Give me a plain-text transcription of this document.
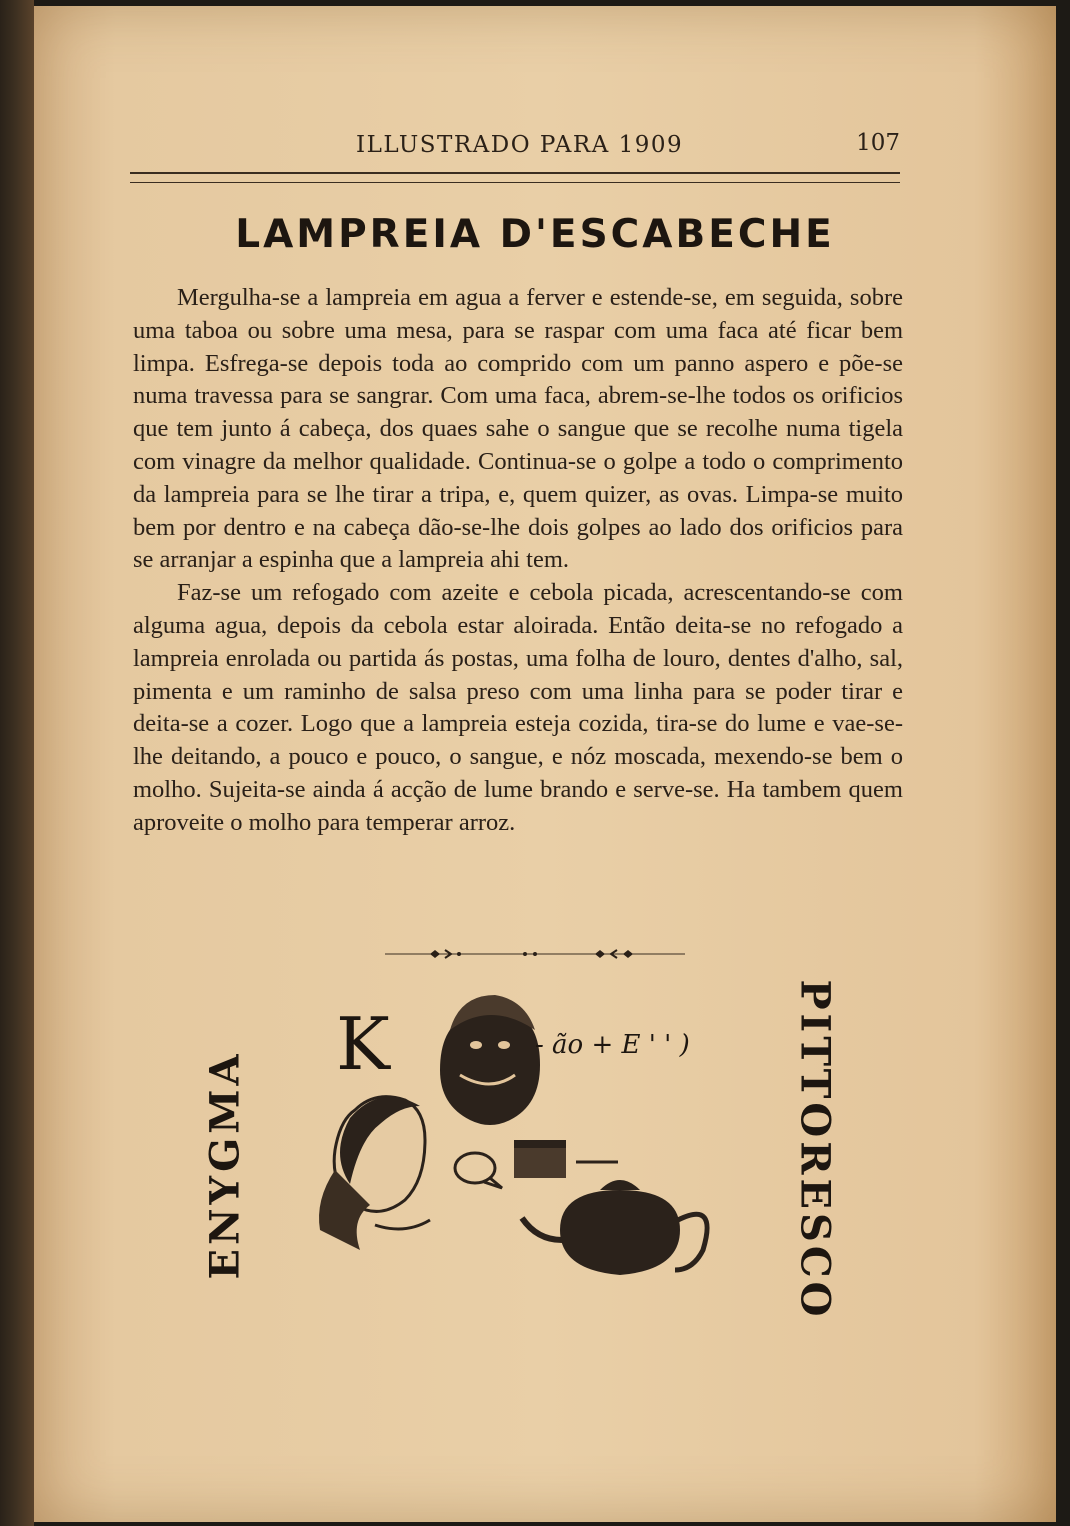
ILLUSTRADO PARA 1909	107
LAMPREIA D'ESCABECHE

Mergulha-se a lampreia em agua a ferver e estende-se, em seguida, sobre uma taboa ou sobre uma mesa, para se raspar com uma faca até ficar bem limpa. Esfrega-se depois toda ao comprido com um panno aspero e põe-se numa travessa para se sangrar. Com uma faca, abrem-se-lhe todos os orificios que tem junto á cabeça, dos quaes sahe o sangue que se recolhe numa tigela com vinagre da melhor qualidade. Continua-se o golpe a todo o comprimento da lampreia para se lhe tirar a tripa, e, quem quizer, as ovas. Limpa-se muito bem por dentro e na cabeça dão-se-lhe dois golpes ao lado dos orificios para se arranjar a espinha que a lampreia ahi tem.

Faz-se um refogado com azeite e cebola picada, acrescentando-se com alguma agua, depois da cebola estar aloirada. Então deita-se no refogado a lampreia enrolada ou partida ás postas, uma folha de louro, dentes d'alho, sal, pimenta e um raminho de salsa preso com uma linha para se poder tirar e deita-se a cozer. Logo que a lampreia esteja cozida, tira-se do lume e vae-se-lhe deitando, a pouco e pouco, o sangue, e nóz moscada, mexendo-se bem o molho. Sujeita-se ainda á acção de lume brando e serve-se. Ha tambem quem aproveite o molho para temperar arroz.

ENYGMA	PITTORESCO
K	- ão + E ' ' )
